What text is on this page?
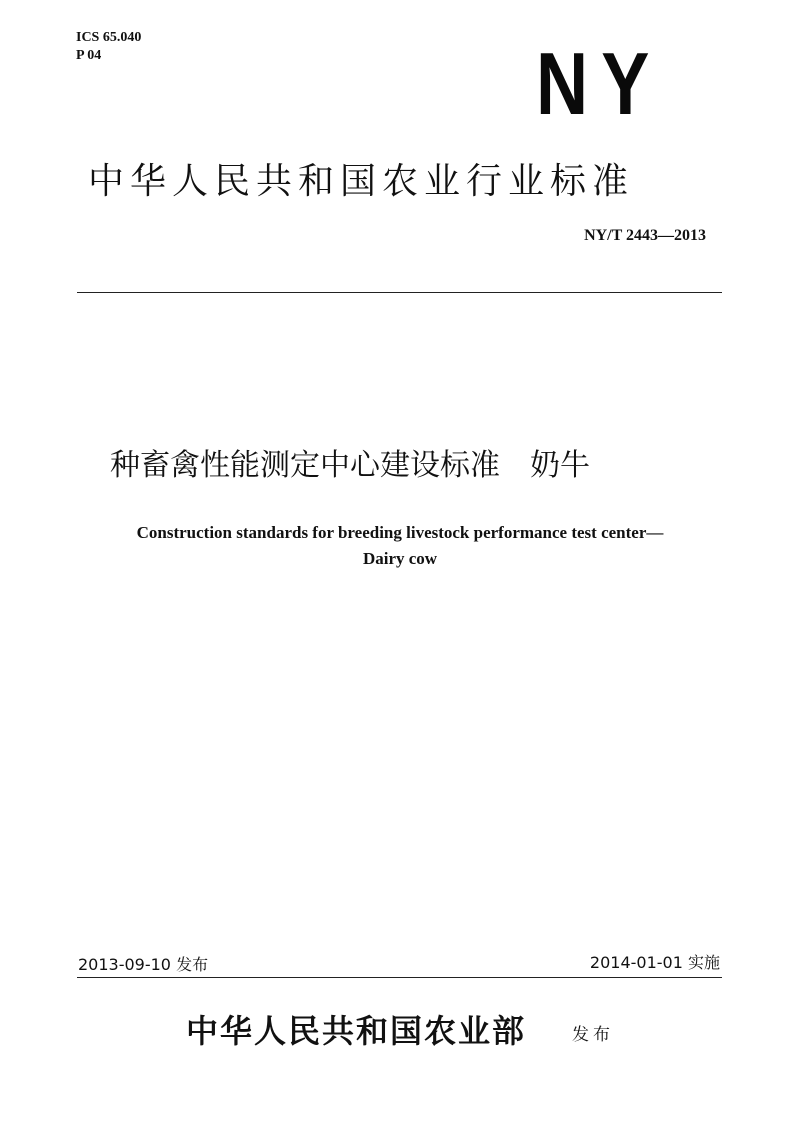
ICS 65.040
P 04	NY
中华人民共和国农业行业标准
NY/T 2443—2013
种畜禽性能测定中心建设标准　奶牛
Construction standards for breeding livestock performance test center—
Dairy cow
2013-09-10 发布	2014-01-01 实施
中华人民共和国农业部	发布
